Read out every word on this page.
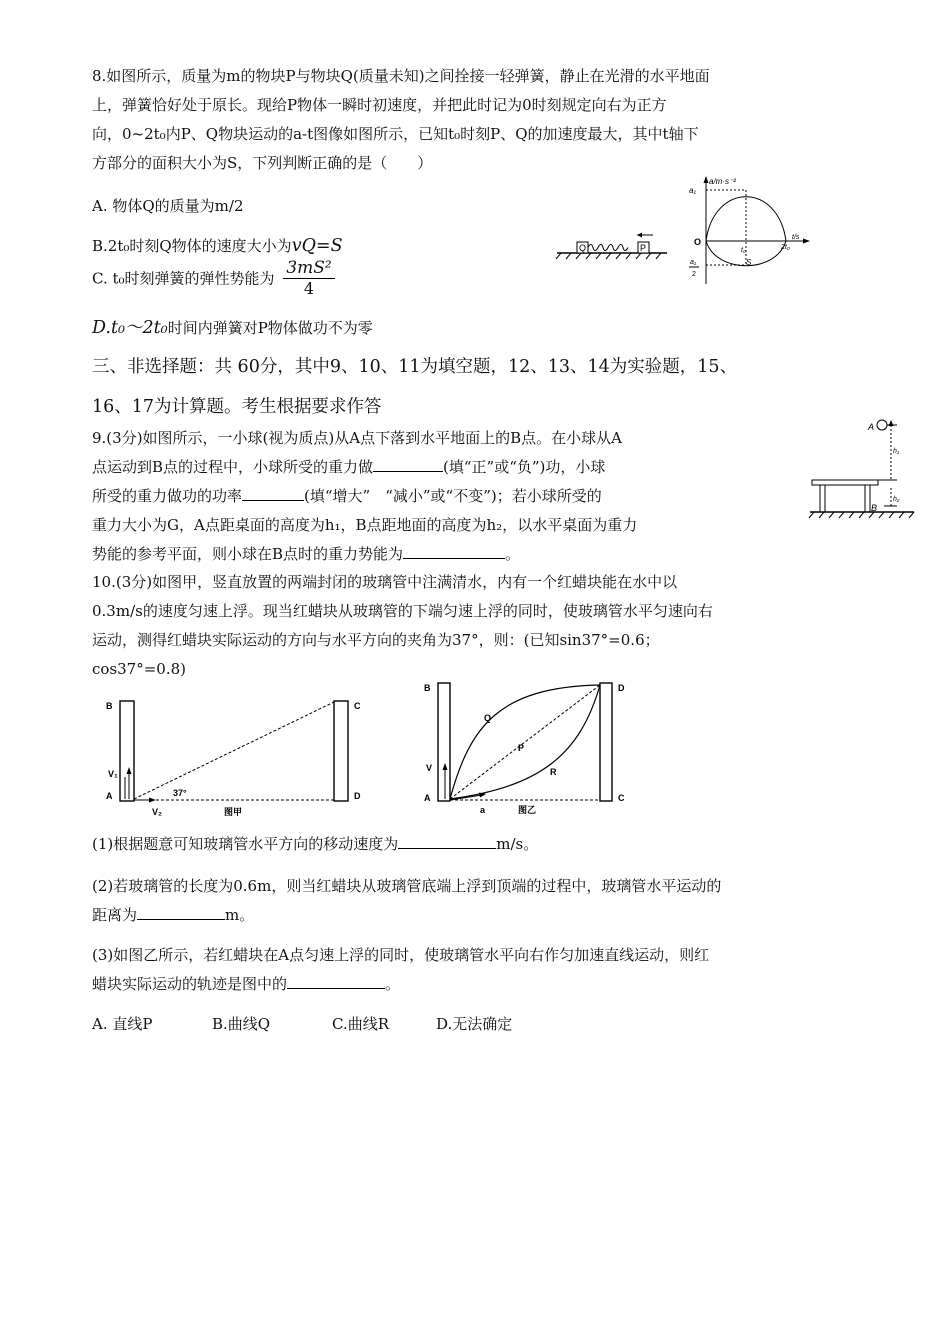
8.如图所示，质量为m的物块P与物块Q(质量未知)之间拴接一轻弹簧，静止在光滑的水平地面

上，弹簧恰好处于原长。现给P物体一瞬时初速度，并把此时记为0时刻规定向右为正方

向，0~2t₀内P、Q物块运动的a-t图像如图所示，已知t₀时刻P、Q的加速度最大，其中t轴下

方部分的面积大小为S，下列判断正确的是（　　）

A. 物体Q的质量为m/2

B.2t₀时刻Q物体的速度大小为vQ=S

C. t₀时刻弹簧的弹性势能为 $\frac{\text{3mS²}}{4}$

D.t₀～2t₀时间内弹簧对P物体做功不为零

Q	P
a/m·s⁻²
a₁
O
t₀	2t₀
t/s
a₁
2
S

三、非选择题：共 60分，其中9、10、11为填空题，12、13、14为实验题，15、

16、17为计算题。考生根据要求作答

9.(3分)如图所示，一小球(视为质点)从A点下落到水平地面上的B点。在小球从A

点运动到B点的过程中，小球所受的重力做	(填“正”或“负”)功，小球

所受的重力做功的功率	(填“增大”　“减小”或“不变”)；若小球所受的

重力大小为G，A点距桌面的高度为h₁，B点距地面的高度为h₂，以水平桌面为重力

势能的参考平面，则小球在B点时的重力势能为	。

A
h₁
h₂
B

10.(3分)如图甲，竖直放置的两端封闭的玻璃管中注满清水，内有一个红蜡块能在水中以

0.3m/s的速度匀速上浮。现当红蜡块从玻璃管的下端匀速上浮的同时，使玻璃管水平匀速向右

运动，测得红蜡块实际运动的方向与水平方向的夹角为37°，则：(已知sin37°=0.6；

cos37°=0.8)

B
A
V₁
V₂
37°
图甲
C
D
B
A
V
a	图乙
Q
P
R
D
C

(1)根据题意可知玻璃管水平方向的移动速度为	m/s。

(2)若玻璃管的长度为0.6m，则当红蜡块从玻璃管底端上浮到顶端的过程中，玻璃管水平运动的

距离为	m。

(3)如图乙所示，若红蜡块在A点匀速上浮的同时，使玻璃管水平向右作匀加速直线运动，则红

蜡块实际运动的轨迹是图中的	。

A. 直线P	B.曲线Q	C.曲线R	D.无法确定
